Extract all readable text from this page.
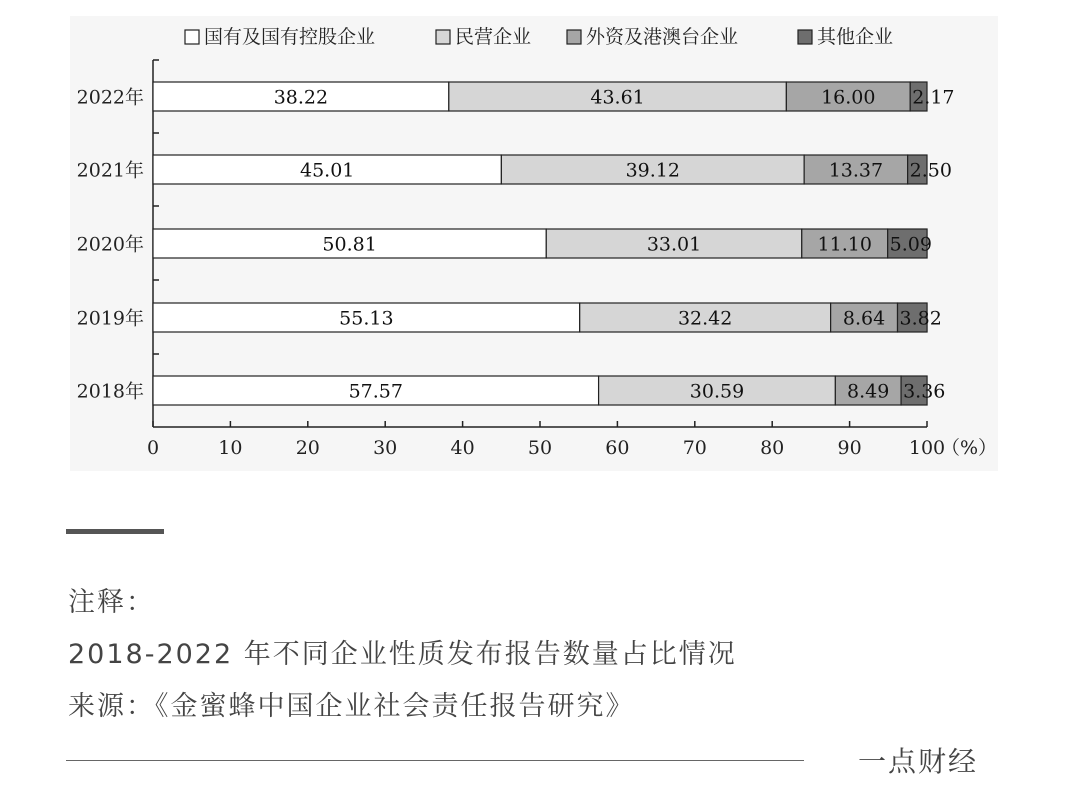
国有及国有控股企业	民营企业	外资及港澳台企业	其他企业
0	10	20	30	40	50	60	70	80	90 100
（%）
2022年	38.22	43.61	16.00 2.17
2021年	45.01	39.12	13.37 2.50
2020年	50.81	33.01	11.10 5.09
2019年	55.13	32.42	8.64 3.82
2018年	57.57	30.59	8.49 3.36
注释：
2018-2022 年不同企业性质发布报告数量占比情况
来源：《金蜜蜂中国企业社会责任报告研究》
一点财经
